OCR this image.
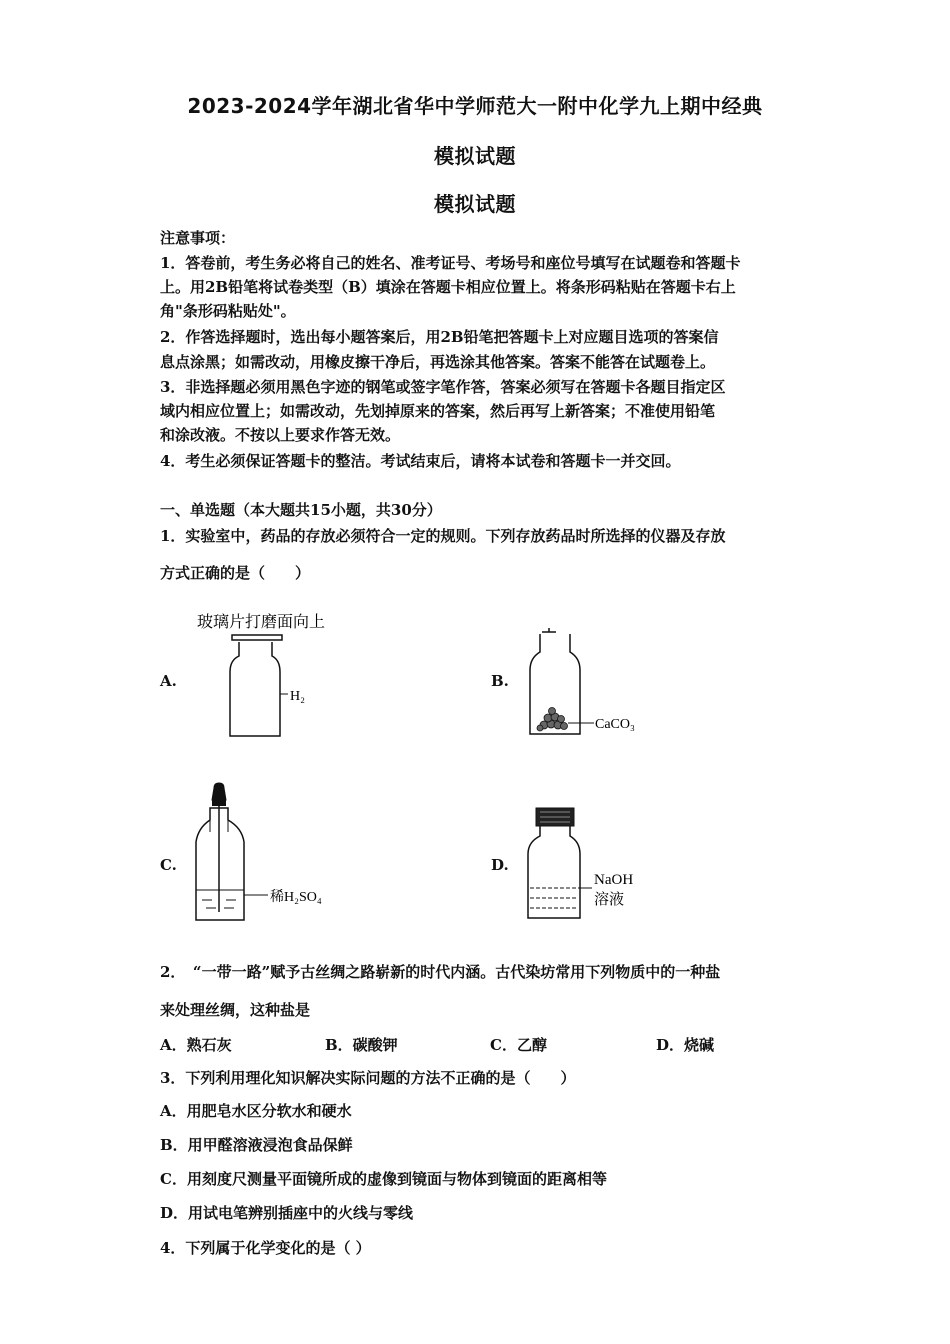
2023-2024学年湖北省华中学师范大一附中化学九上期中经典
模拟试题
模拟试题
注意事项：
1．答卷前，考生务必将自己的姓名、准考证号、考场号和座位号填写在试题卷和答题卡
上。用2B铅笔将试卷类型（B）填涂在答题卡相应位置上。将条形码粘贴在答题卡右上
角"条形码粘贴处"。
2．作答选择题时，选出每小题答案后，用2B铅笔把答题卡上对应题目选项的答案信
息点涂黑；如需改动，用橡皮擦干净后，再选涂其他答案。答案不能答在试题卷上。
3．非选择题必须用黑色字迹的钢笔或签字笔作答，答案必须写在答题卡各题目指定区
域内相应位置上；如需改动，先划掉原来的答案，然后再写上新答案；不准使用铅笔
和涂改液。不按以上要求作答无效。
4．考生必须保证答题卡的整洁。考试结束后，请将本试卷和答题卡一并交回。
一、单选题（本大题共15小题，共30分）
1．实验室中，药品的存放必须符合一定的规则。下列存放药品时所选择的仪器及存放
方式正确的是（　　）
A.
玻璃片打磨面向上
H₂
B.
CaCO₃
C.
稀H₂SO₄
D.
NaOH
溶液
2．　“一带一路”赋予古丝绸之路崭新的时代内涵。古代染坊常用下列物质中的一种盐
来处理丝绸，这种盐是
A．熟石灰	B．碳酸钾	C．乙醇	D．烧碱
3．下列利用理化知识解决实际问题的方法不正确的是（　　）
A．用肥皂水区分软水和硬水
B．用甲醛溶液浸泡食品保鲜
C．用刻度尺测量平面镜所成的虚像到镜面与物体到镜面的距离相等
D．用试电笔辨别插座中的火线与零线
4．下列属于化学变化的是（ ）
